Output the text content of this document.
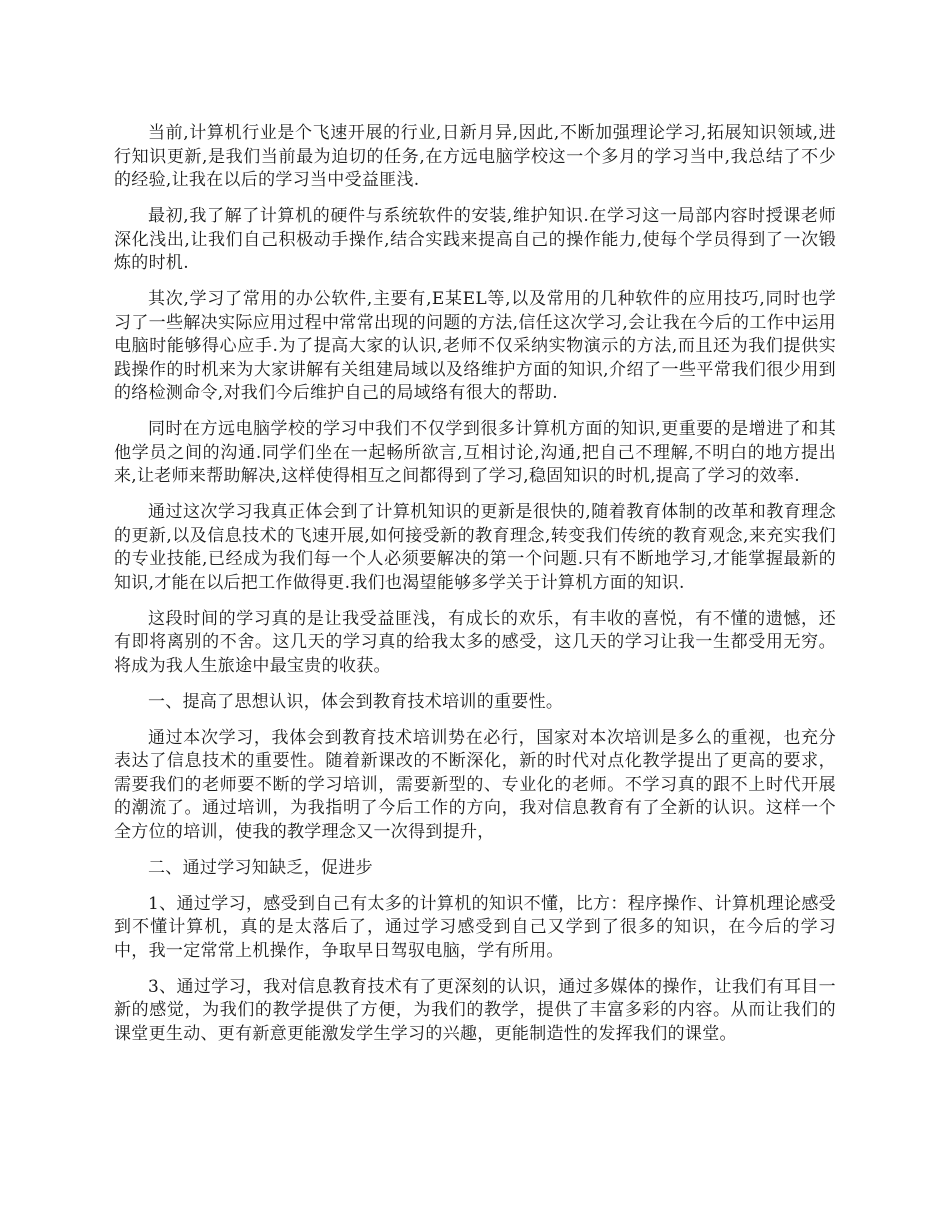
当前,计算机行业是个飞速开展的行业,日新月异,因此,不断加强理论学习,拓展知识领域,进行知识更新,是我们当前最为迫切的任务,在方远电脑学校这一个多月的学习当中,我总结了不少的经验,让我在以后的学习当中受益匪浅.

最初,我了解了计算机的硬件与系统软件的安装,维护知识.在学习这一局部内容时授课老师深化浅出,让我们自己积极动手操作,结合实践来提高自己的操作能力,使每个学员得到了一次锻炼的时机.

其次,学习了常用的办公软件,主要有,E某EL等,以及常用的几种软件的应用技巧,同时也学习了一些解决实际应用过程中常常出现的问题的方法,信任这次学习,会让我在今后的工作中运用电脑时能够得心应手.为了提高大家的认识,老师不仅采纳实物演示的方法,而且还为我们提供实践操作的时机来为大家讲解有关组建局域以及络维护方面的知识,介绍了一些平常我们很少用到的络检测命令,对我们今后维护自己的局域络有很大的帮助.

同时在方远电脑学校的学习中我们不仅学到很多计算机方面的知识,更重要的是增进了和其他学员之间的沟通.同学们坐在一起畅所欲言,互相讨论,沟通,把自己不理解,不明白的地方提出来,让老师来帮助解决,这样使得相互之间都得到了学习,稳固知识的时机,提高了学习的效率.

通过这次学习我真正体会到了计算机知识的更新是很快的,随着教育体制的改革和教育理念的更新,以及信息技术的飞速开展,如何接受新的教育理念,转变我们传统的教育观念,来充实我们的专业技能,已经成为我们每一个人必须要解决的第一个问题.只有不断地学习,才能掌握最新的知识,才能在以后把工作做得更.我们也渴望能够多学关于计算机方面的知识.

这段时间的学习真的是让我受益匪浅，有成长的欢乐，有丰收的喜悦，有不懂的遗憾，还有即将离别的不舍。这几天的学习真的给我太多的感受，这几天的学习让我一生都受用无穷。将成为我人生旅途中最宝贵的收获。

一、提高了思想认识，体会到教育技术培训的重要性。

通过本次学习，我体会到教育技术培训势在必行，国家对本次培训是多么的重视，也充分表达了信息技术的重要性。随着新课改的不断深化，新的时代对点化教学提出了更高的要求，需要我们的老师要不断的学习培训，需要新型的、专业化的老师。不学习真的跟不上时代开展的潮流了。通过培训，为我指明了今后工作的方向，我对信息教育有了全新的认识。这样一个全方位的培训，使我的教学理念又一次得到提升，

二、通过学习知缺乏，促进步

1、通过学习，感受到自己有太多的计算机的知识不懂，比方：程序操作、计算机理论感受到不懂计算机，真的是太落后了，通过学习感受到自己又学到了很多的知识，在今后的学习中，我一定常常上机操作，争取早日驾驭电脑，学有所用。

3、通过学习，我对信息教育技术有了更深刻的认识，通过多媒体的操作，让我们有耳目一新的感觉，为我们的教学提供了方便，为我们的教学，提供了丰富多彩的内容。从而让我们的课堂更生动、更有新意更能激发学生学习的兴趣，更能制造性的发挥我们的课堂。
